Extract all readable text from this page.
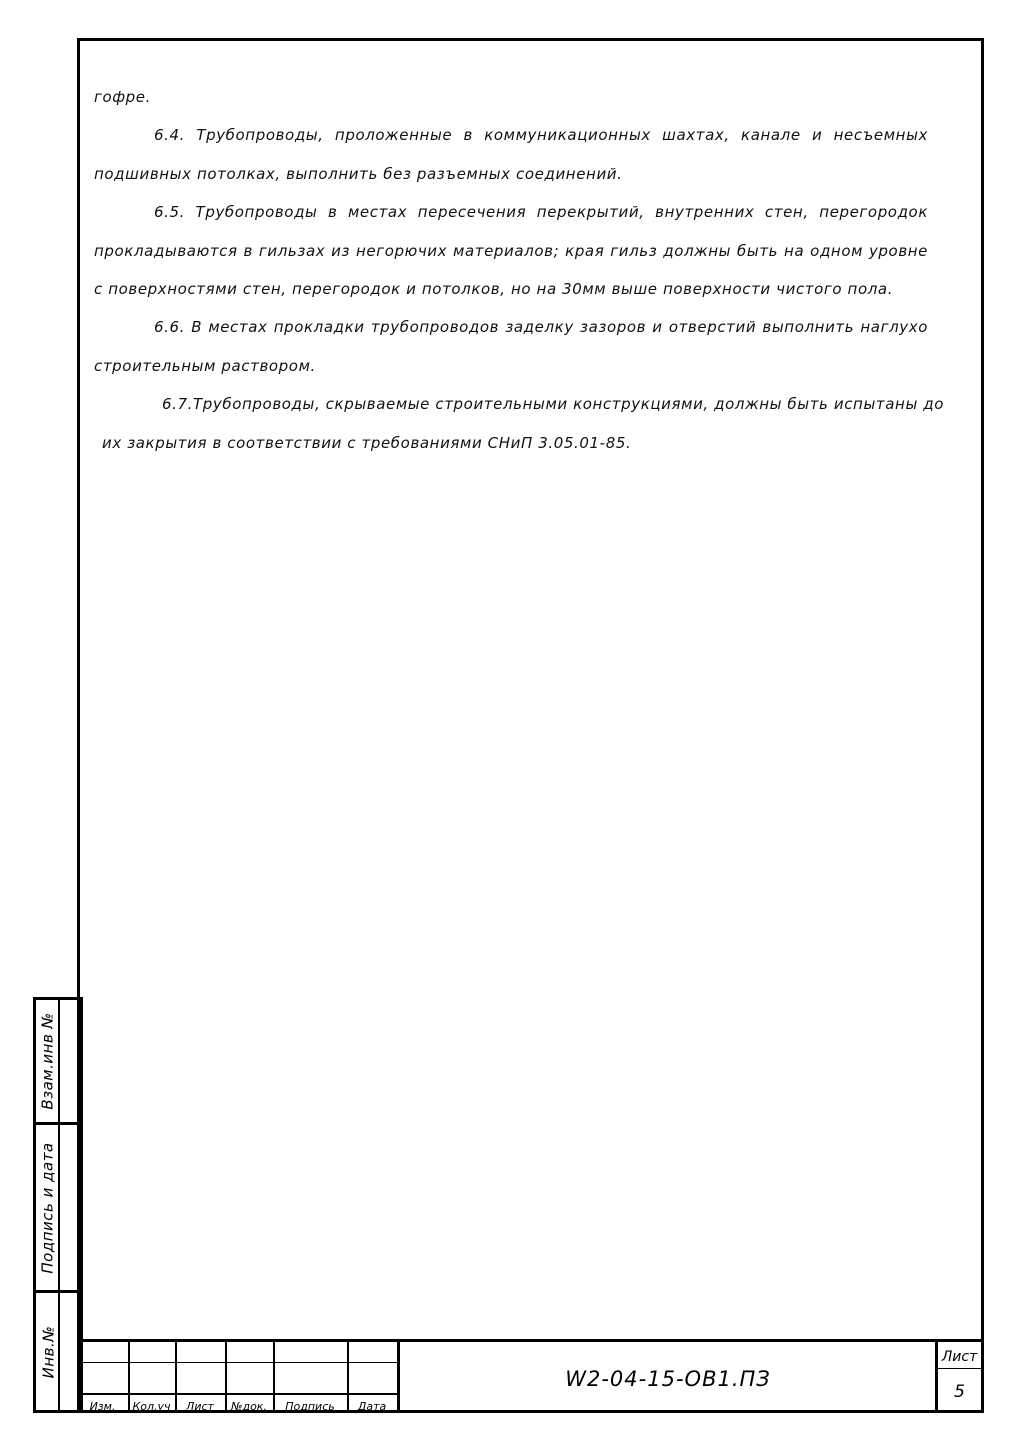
гофре.

6.4. Трубопроводы, проложенные в коммуникационных шахтах, канале и несъемных подшивных потолках, выполнить без разъемных соединений.

6.5. Трубопроводы в местах пересечения перекрытий, внутренних стен, перегородок прокладываются в гильзах из негорючих материалов; края гильз должны быть на одном уровне с поверхностями стен, перегородок и потолков, но на 30мм выше поверхности чистого пола.

6.6. В местах прокладки трубопроводов заделку зазоров и отверстий выполнить наглухо строительным раствором.

6.7.Трубопроводы, скрываемые строительными конструкциями, должны быть испытаны до
их закрытия в соответствии с требованиями СНиП 3.05.01-85.

Взам.инв №
Подпись и дата
Инв.№
Изм.	Кол.уч	Лист	№док.	Подпись	Дата
W2-04-15-ОВ1.ПЗ
Лист
5
